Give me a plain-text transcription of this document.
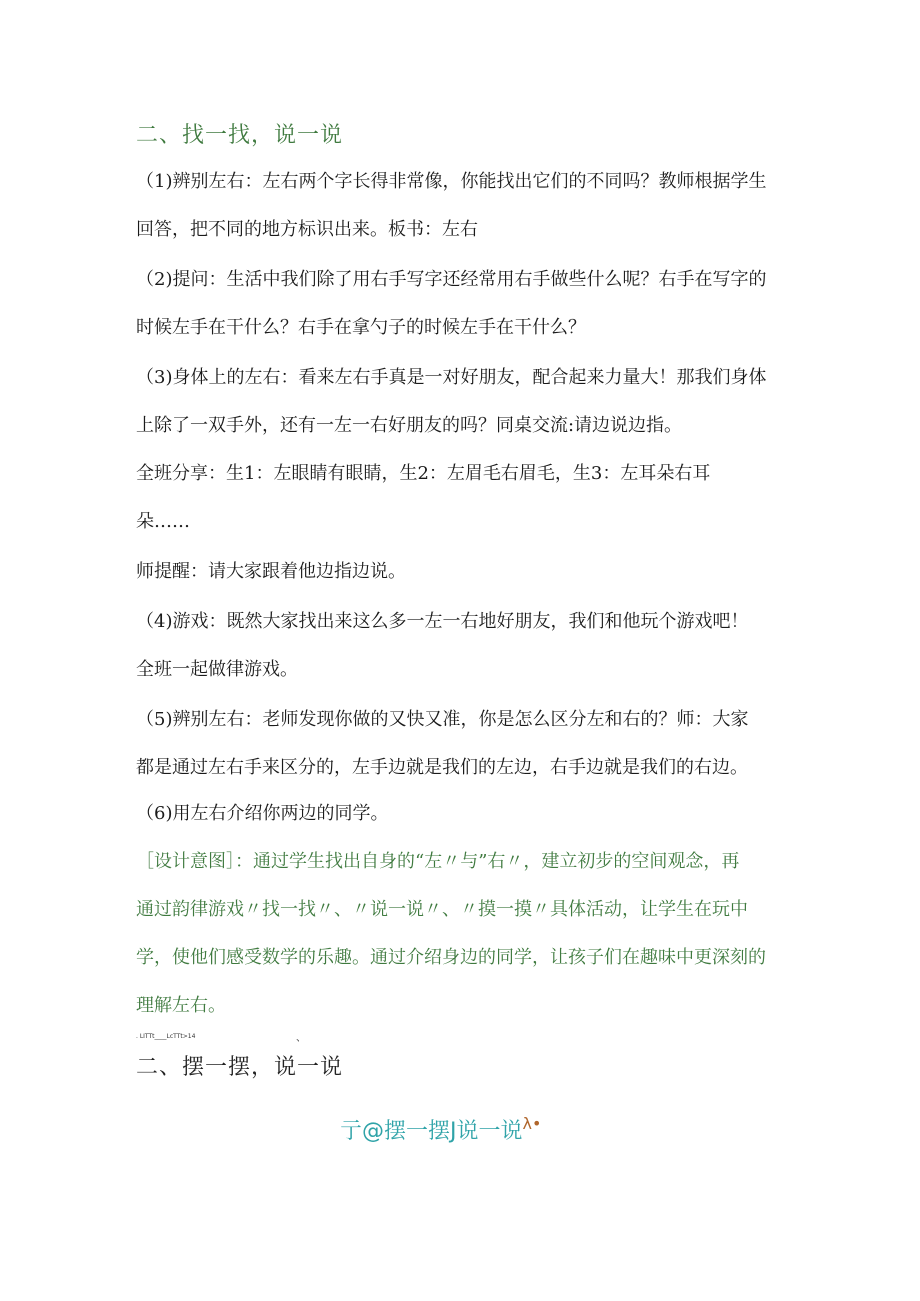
二、找一找，说一说
（1)辨别左右：左右两个字长得非常像，你能找出它们的不同吗？教师根据学生
回答，把不同的地方标识出来。板书：左右
（2)提问：生活中我们除了用右手写字还经常用右手做些什么呢？右手在写字的
时候左手在干什么？右手在拿勺子的时候左手在干什么？
（3)身体上的左右：看来左右手真是一对好朋友，配合起来力量大！那我们身体
上除了一双手外，还有一左一右好朋友的吗？同桌交流:请边说边指。
全班分享：生1：左眼睛有眼睛，生2：左眉毛右眉毛，生3：左耳朵右耳
朵……
师提醒：请大家跟着他边指边说。
（4)游戏：既然大家找出来这么多一左一右地好朋友，我们和他玩个游戏吧！
全班一起做律游戏。
（5)辨别左右：老师发现你做的又快又准，你是怎么区分左和右的？师：大家
都是通过左右手来区分的，左手边就是我们的左边，右手边就是我们的右边。
（6)用左右介绍你两边的同学。
［设计意图］：通过学生找出自身的“左〃与”右〃，建立初步的空间观念，再
通过韵律游戏〃找一找〃、〃说一说〃、〃摸一摸〃具体活动，让学生在玩中
学，使他们感受数学的乐趣。通过介绍身边的同学，让孩子们在趣味中更深刻的
理解左右。
. LITTt____LcTTt>14	、
二、摆一摆，说一说
亍@摆一摆J说一说$^{\lambda•}$
